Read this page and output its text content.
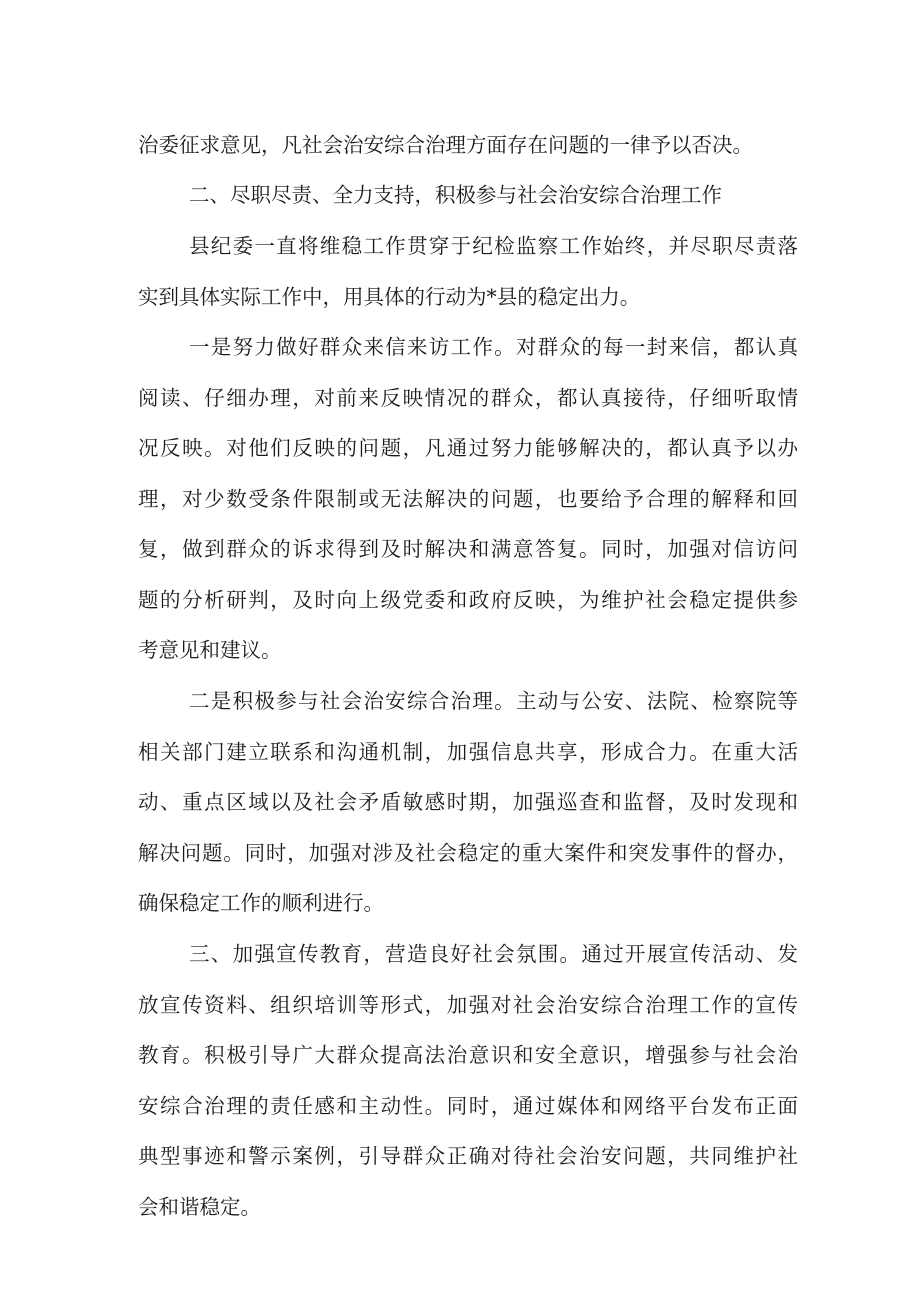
治委征求意见，凡社会治安综合治理方面存在问题的一律予以否决。
二、尽职尽责、全力支持，积极参与社会治安综合治理工作
县纪委一直将维稳工作贯穿于纪检监察工作始终，并尽职尽责落
实到具体实际工作中，用具体的行动为*县的稳定出力。
一是努力做好群众来信来访工作。对群众的每一封来信，都认真
阅读、仔细办理，对前来反映情况的群众，都认真接待，仔细听取情
况反映。对他们反映的问题，凡通过努力能够解决的，都认真予以办
理，对少数受条件限制或无法解决的问题，也要给予合理的解释和回
复，做到群众的诉求得到及时解决和满意答复。同时，加强对信访问
题的分析研判，及时向上级党委和政府反映，为维护社会稳定提供参
考意见和建议。
二是积极参与社会治安综合治理。主动与公安、法院、检察院等
相关部门建立联系和沟通机制，加强信息共享，形成合力。在重大活
动、重点区域以及社会矛盾敏感时期，加强巡查和监督，及时发现和
解决问题。同时，加强对涉及社会稳定的重大案件和突发事件的督办，
确保稳定工作的顺利进行。
三、加强宣传教育，营造良好社会氛围。通过开展宣传活动、发
放宣传资料、组织培训等形式，加强对社会治安综合治理工作的宣传
教育。积极引导广大群众提高法治意识和安全意识，增强参与社会治
安综合治理的责任感和主动性。同时，通过媒体和网络平台发布正面
典型事迹和警示案例，引导群众正确对待社会治安问题，共同维护社
会和谐稳定。
